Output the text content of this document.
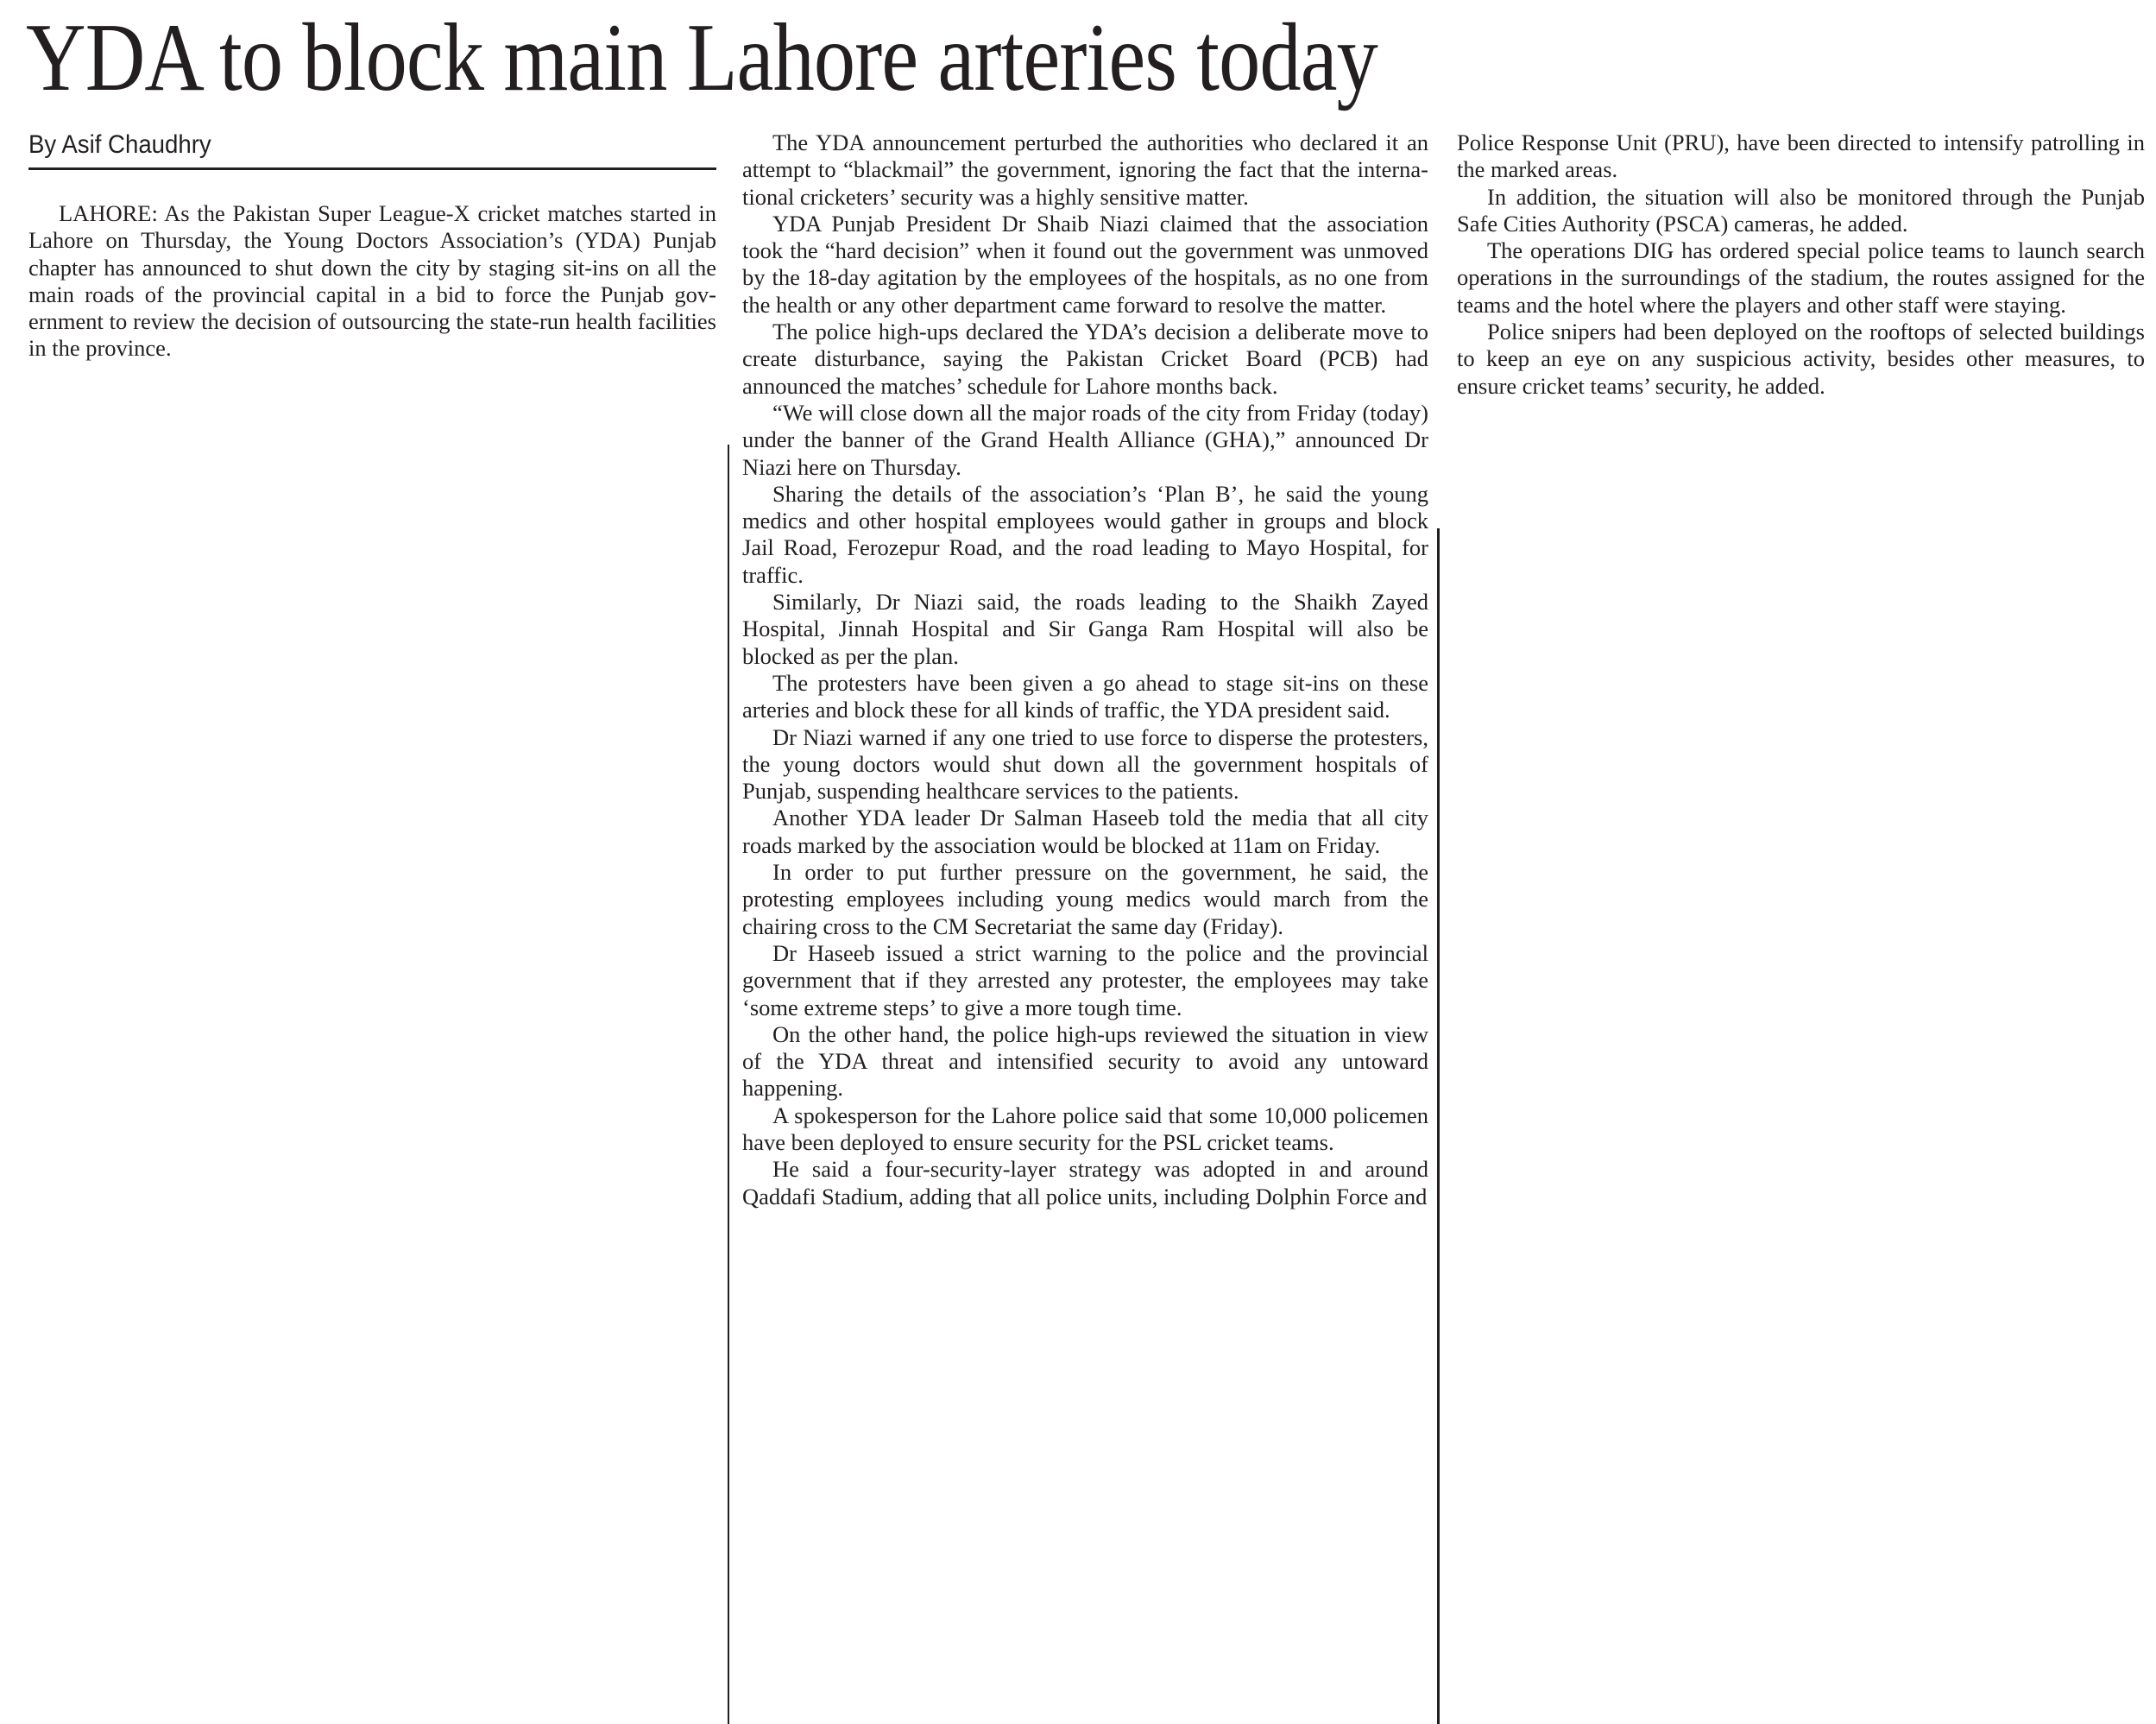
YDA to block main Lahore arteries today
By Asif Chaudhry

LAHORE: As the Pakistan Super League-X cricket matches started in Lahore on Thursday, the Young Doctors Association’s (YDA) Punjab chapter has announced to shut down the city by staging sit-ins on all the main roads of the provincial capital in a bid to force the Punjab government to review the decision of outsourcing the state-run health facilities in the province.

The YDA announcement perturbed the authorities who declared it an attempt to “blackmail” the government, ignoring the fact that the international cricketers’ security was a highly sensitive matter.

YDA Punjab President Dr Shaib Niazi claimed that the association took the “hard decision” when it found out the government was unmoved by the 18-day agitation by the employees of the hospitals, as no one from the health or any other department came forward to resolve the matter.

The police high-ups declared the YDA’s decision a deliberate move to create disturbance, saying the Pakistan Cricket Board (PCB) had announced the matches’ schedule for Lahore months back.

“We will close down all the major roads of the city from Friday (today) under the banner of the Grand Health Alliance (GHA),” announced Dr Niazi here on Thursday.

Sharing the details of the association’s ‘Plan B’, he said the young medics and other hospital employees would gather in groups and block Jail Road, Ferozepur Road, and the road leading to Mayo Hospital, for traffic.

Similarly, Dr Niazi said, the roads leading to the Shaikh Zayed Hospital, Jinnah Hospital and Sir Ganga Ram Hospital will also be blocked as per the plan.

The protesters have been given a go ahead to stage sit-ins on these arteries and block these for all kinds of traffic, the YDA president said.

Dr Niazi warned if any one tried to use force to disperse the protesters, the young doctors would shut down all the government hospitals of Punjab, suspending healthcare services to the patients.

Another YDA leader Dr Salman Haseeb told the media that all city roads marked by the association would be blocked at 11am on Friday.

In order to put further pressure on the government, he said, the protesting employees including young medics would march from the chairing cross to the CM Secretariat the same day (Friday).

Dr Haseeb issued a strict warning to the police and the provincial government that if they arrested any protester, the employees may take ‘some extreme steps’ to give a more tough time.

On the other hand, the police high-ups reviewed the situation in view of the YDA threat and intensified security to avoid any untoward happening.

A spokesperson for the Lahore police said that some 10,000 policemen have been deployed to ensure security for the PSL cricket teams.

He said a four-security-layer strategy was adopted in and around Qaddafi Stadium, adding that all police units, including Dolphin Force and

Police Response Unit (PRU), have been directed to intensify patrolling in the marked areas.

In addition, the situation will also be monitored through the Punjab Safe Cities Authority (PSCA) cameras, he added.

The operations DIG has ordered special police teams to launch search operations in the surroundings of the stadium, the routes assigned for the teams and the hotel where the players and other staff were staying.

Police snipers had been deployed on the rooftops of selected buildings to keep an eye on any suspicious activity, besides other measures, to ensure cricket teams’ security, he added.
